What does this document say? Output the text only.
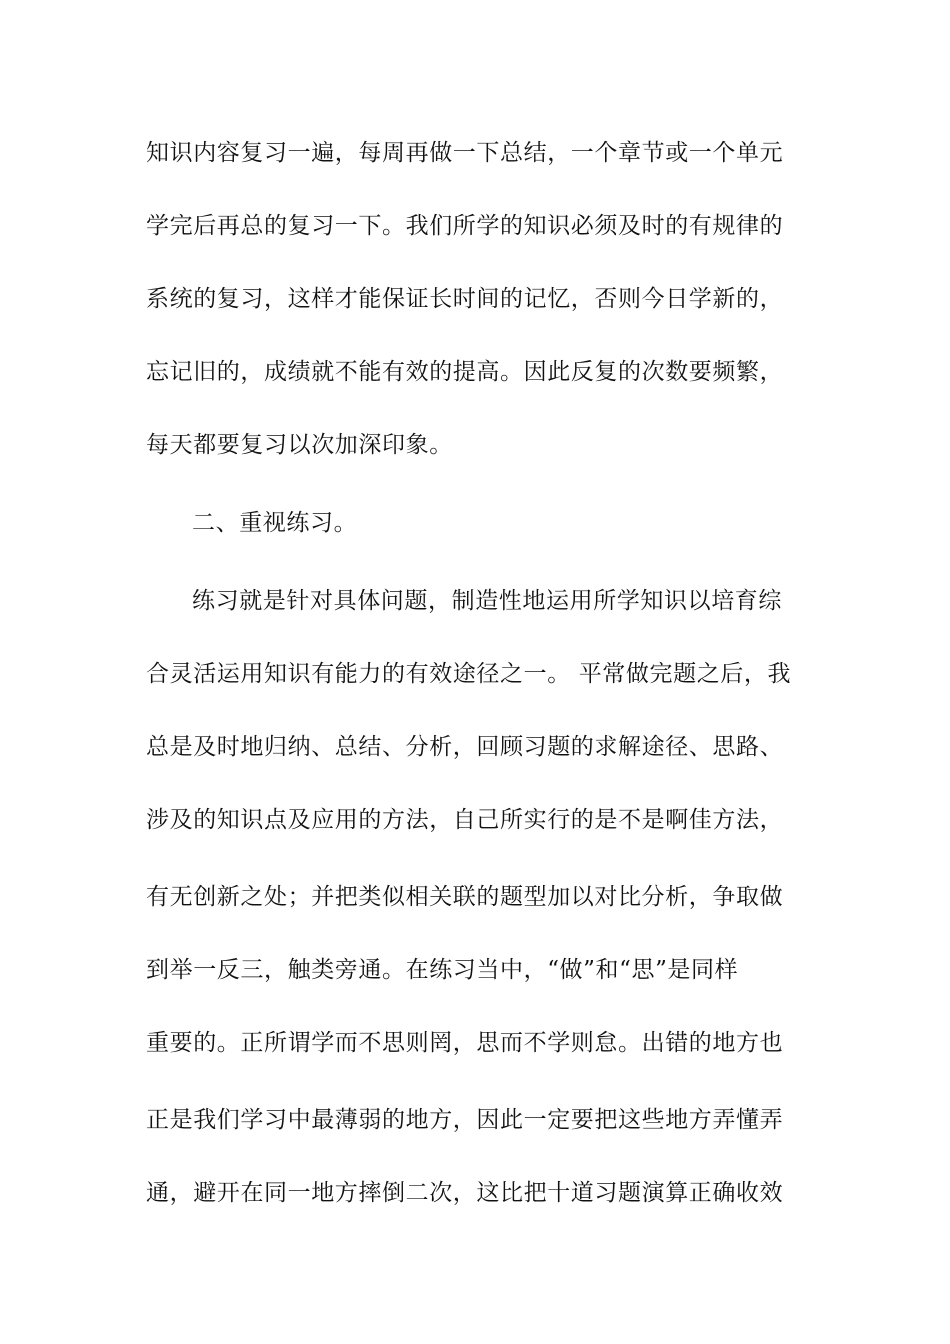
知识内容复习一遍，每周再做一下总结，一个章节或一个单元
学完后再总的复习一下。我们所学的知识必须及时的有规律的
系统的复习，这样才能保证长时间的记忆，否则今日学新的，
忘记旧的，成绩就不能有效的提高。因此反复的次数要频繁，
每天都要复习以次加深印象。
二、重视练习。
练习就是针对具体问题，制造性地运用所学知识以培育综
合灵活运用知识有能力的有效途径之一。 平常做完题之后，我
总是及时地归纳、总结、分析，回顾习题的求解途径、思路、
涉及的知识点及应用的方法，自己所实行的是不是啊佳方法，
有无创新之处；并把类似相关联的题型加以对比分析，争取做
到举一反三，触类旁通。在练习当中，“做”和“思”是同样
重要的。正所谓学而不思则罔，思而不学则怠。出错的地方也
正是我们学习中最薄弱的地方，因此一定要把这些地方弄懂弄
通，避开在同一地方摔倒二次，这比把十道习题演算正确收效
